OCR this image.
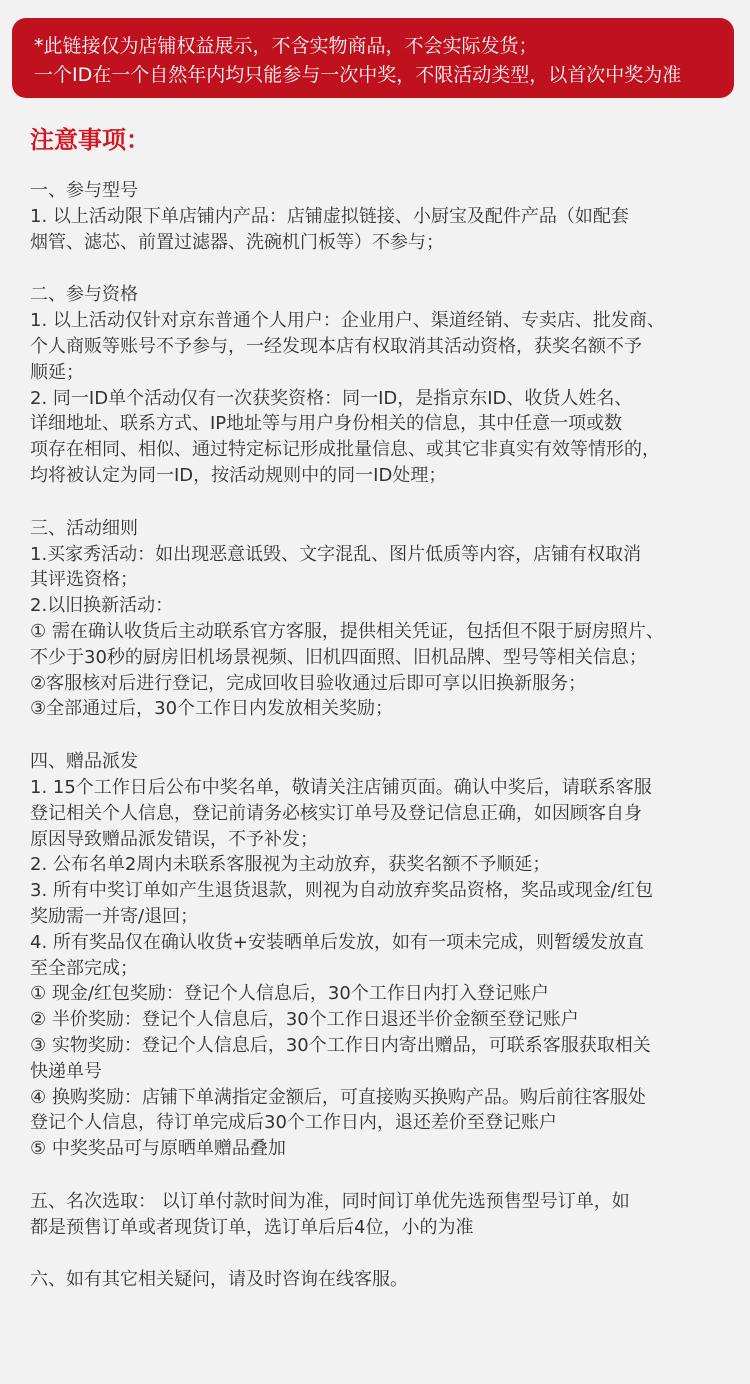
*此链接仅为店铺权益展示，不含实物商品，不会实际发货；
一个ID在一个自然年内均只能参与一次中奖，不限活动类型，以首次中奖为准
注意事项：
一、参与型号
1. 以上活动限下单店铺内产品：店铺虚拟链接、小厨宝及配件产品（如配套
烟管、滤芯、前置过滤器、洗碗机门板等）不参与；
二、参与资格
1. 以上活动仅针对京东普通个人用户：企业用户、渠道经销、专卖店、批发商、
个人商贩等账号不予参与，一经发现本店有权取消其活动资格，获奖名额不予
顺延；
2. 同一ID单个活动仅有一次获奖资格：同一ID，是指京东ID、收货人姓名、
详细地址、联系方式、IP地址等与用户身份相关的信息，其中任意一项或数
项存在相同、相似、通过特定标记形成批量信息、或其它非真实有效等情形的，
均将被认定为同一ID，按活动规则中的同一ID处理；
三、活动细则
1.买家秀活动：如出现恶意诋毁、文字混乱、图片低质等内容，店铺有权取消
其评选资格；
2.以旧换新活动：
① 需在确认收货后主动联系官方客服，提供相关凭证，包括但不限于厨房照片、
不少于30秒的厨房旧机场景视频、旧机四面照、旧机品牌、型号等相关信息；
②客服核对后进行登记，完成回收目验收通过后即可享以旧换新服务；
③全部通过后，30个工作日内发放相关奖励；
四、赠品派发
1. 15个工作日后公布中奖名单，敬请关注店铺页面。确认中奖后，请联系客服
登记相关个人信息，登记前请务必核实订单号及登记信息正确，如因顾客自身
原因导致赠品派发错误，不予补发；
2. 公布名单2周内未联系客服视为主动放弃，获奖名额不予顺延；
3. 所有中奖订单如产生退货退款，则视为自动放弃奖品资格，奖品或现金/红包
奖励需一并寄/退回；
4. 所有奖品仅在确认收货+安装晒单后发放，如有一项未完成，则暂缓发放直
至全部完成；
① 现金/红包奖励：登记个人信息后，30个工作日内打入登记账户
② 半价奖励：登记个人信息后，30个工作日退还半价金额至登记账户
③ 实物奖励：登记个人信息后，30个工作日内寄出赠品，可联系客服获取相关
快递单号
④ 换购奖励：店铺下单满指定金额后，可直接购买换购产品。购后前往客服处
登记个人信息，待订单完成后30个工作日内，退还差价至登记账户
⑤ 中奖奖品可与原晒单赠品叠加
五、名次选取： 以订单付款时间为准，同时间订单优先选预售型号订单，如
都是预售订单或者现货订单，选订单后后4位，小的为准
六、如有其它相关疑问，请及时咨询在线客服。
